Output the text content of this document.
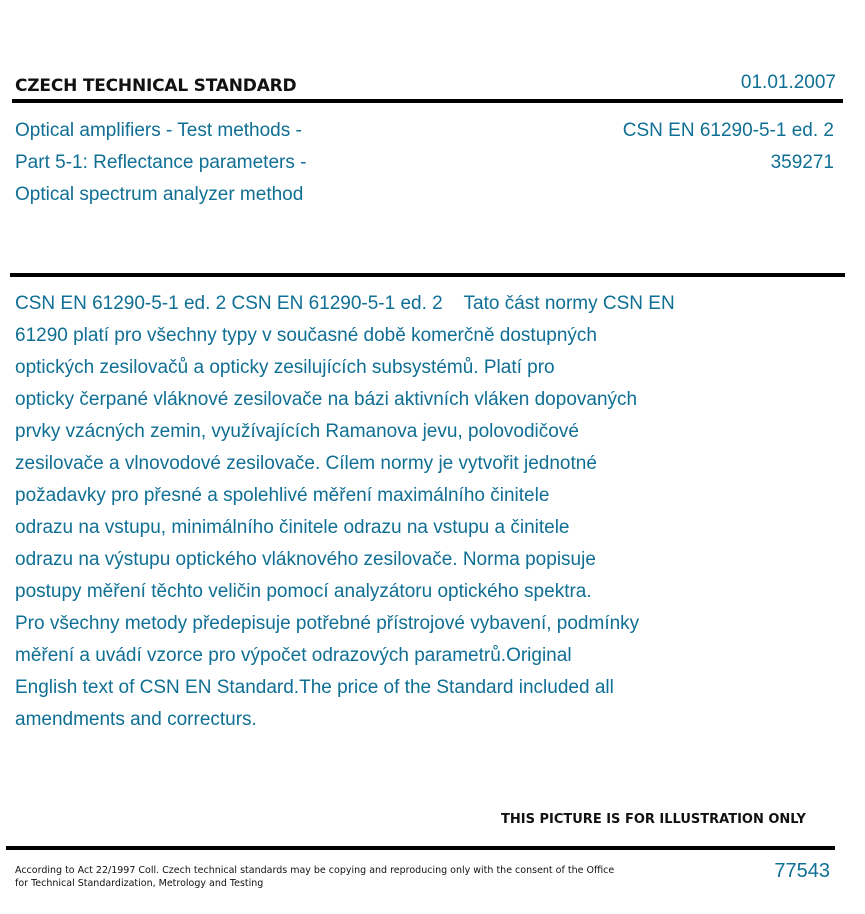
CZECH TECHNICAL STANDARD	01.01.2007
Optical amplifiers - Test methods -
Part 5-1: Reflectance parameters -
Optical spectrum analyzer method
CSN EN 61290-5-1 ed. 2
359271
CSN EN 61290-5-1 ed. 2 CSN EN 61290-5-1 ed. 2    Tato část normy CSN EN
61290 platí pro všechny typy v současné době komerčně dostupných
optických zesilovačů a opticky zesilujících subsystémů. Platí pro
opticky čerpané vláknové zesilovače na bázi aktivních vláken dopovaných
prvky vzácných zemin, využívajících Ramanova jevu, polovodičové
zesilovače a vlnovodové zesilovače. Cílem normy je vytvořit jednotné
požadavky pro přesné a spolehlivé měření maximálního činitele
odrazu na vstupu, minimálního činitele odrazu na vstupu a činitele
odrazu na výstupu optického vláknového zesilovače. Norma popisuje
postupy měření těchto veličin pomocí analyzátoru optického spektra.
Pro všechny metody předepisuje potřebné přístrojové vybavení, podmínky
měření a uvádí vzorce pro výpočet odrazových parametrů.Original
English text of CSN EN Standard.The price of the Standard included all
amendments and correcturs.
THIS PICTURE IS FOR ILLUSTRATION ONLY
According to Act 22/1997 Coll. Czech technical standards may be copying and reproducing only with the consent of the Office
for Technical Standardization, Metrology and Testing
77543
